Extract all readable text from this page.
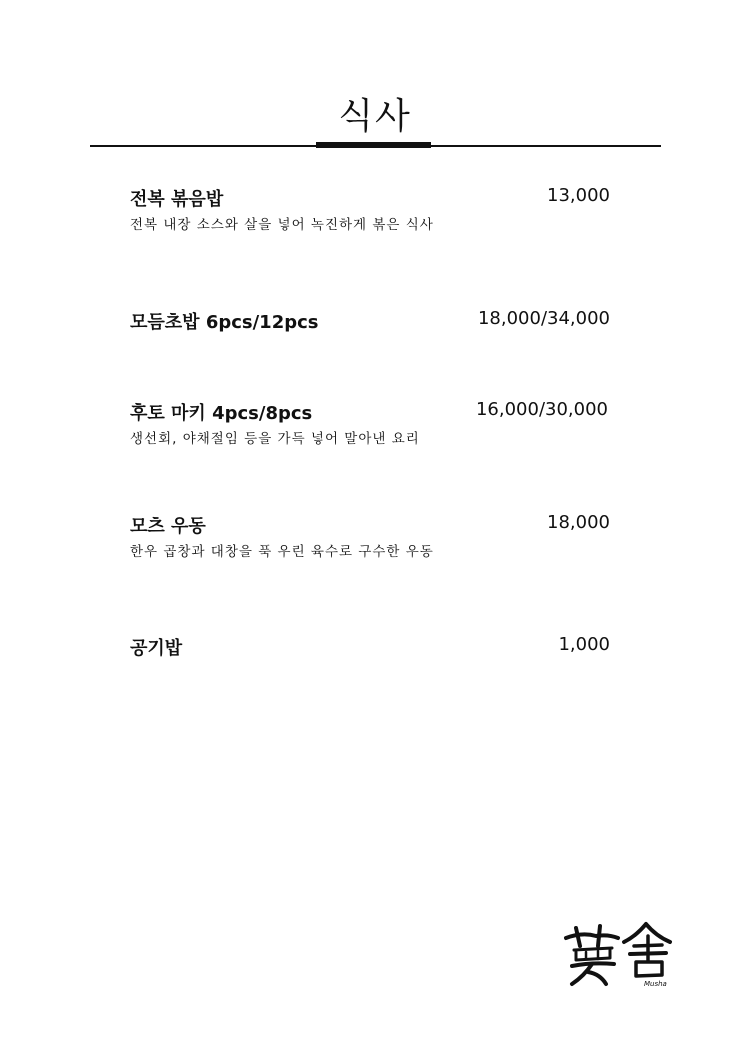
식사
전복 볶음밥	13,000
전복 내장 소스와 살을 넣어 녹진하게 볶은 식사
모듬초밥 6pcs/12pcs	18,000/34,000
후토 마키 4pcs/8pcs	16,000/30,000
생선회, 야채절임 등을 가득 넣어 말아낸 요리
모츠 우동	18,000
한우 곱창과 대창을 푹 우린 육수로 구수한 우동
공기밥	1,000
Musha
